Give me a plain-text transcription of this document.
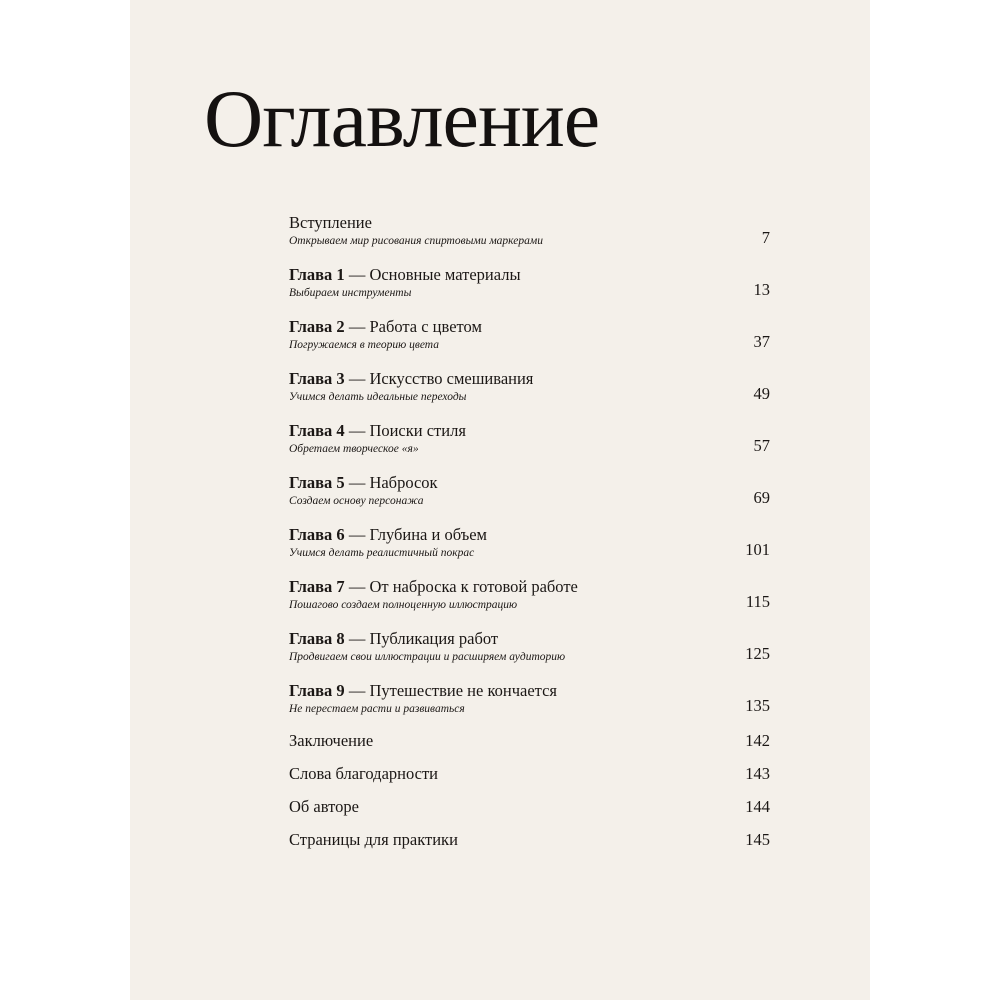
Оглавление
Вступление
Открываем мир рисования спиртовыми маркерами	7
Глава 1 — Основные материалы
Выбираем инструменты	13
Глава 2 — Работа с цветом
Погружаемся в теорию цвета	37
Глава 3 — Искусство смешивания
Учимся делать идеальные переходы	49
Глава 4 — Поиски стиля
Обретаем творческое «я»	57
Глава 5 — Набросок
Создаем основу персонажа	69
Глава 6 — Глубина и объем
Учимся делать реалистичный покрас	101
Глава 7 — От наброска к готовой работе
Пошагово создаем полноценную иллюстрацию	115
Глава 8 — Публикация работ
Продвигаем свои иллюстрации и расширяем аудиторию	125
Глава 9 — Путешествие не кончается
Не перестаем расти и развиваться	135
Заключение	142
Слова благодарности	143
Об авторе	144
Страницы для практики	145
